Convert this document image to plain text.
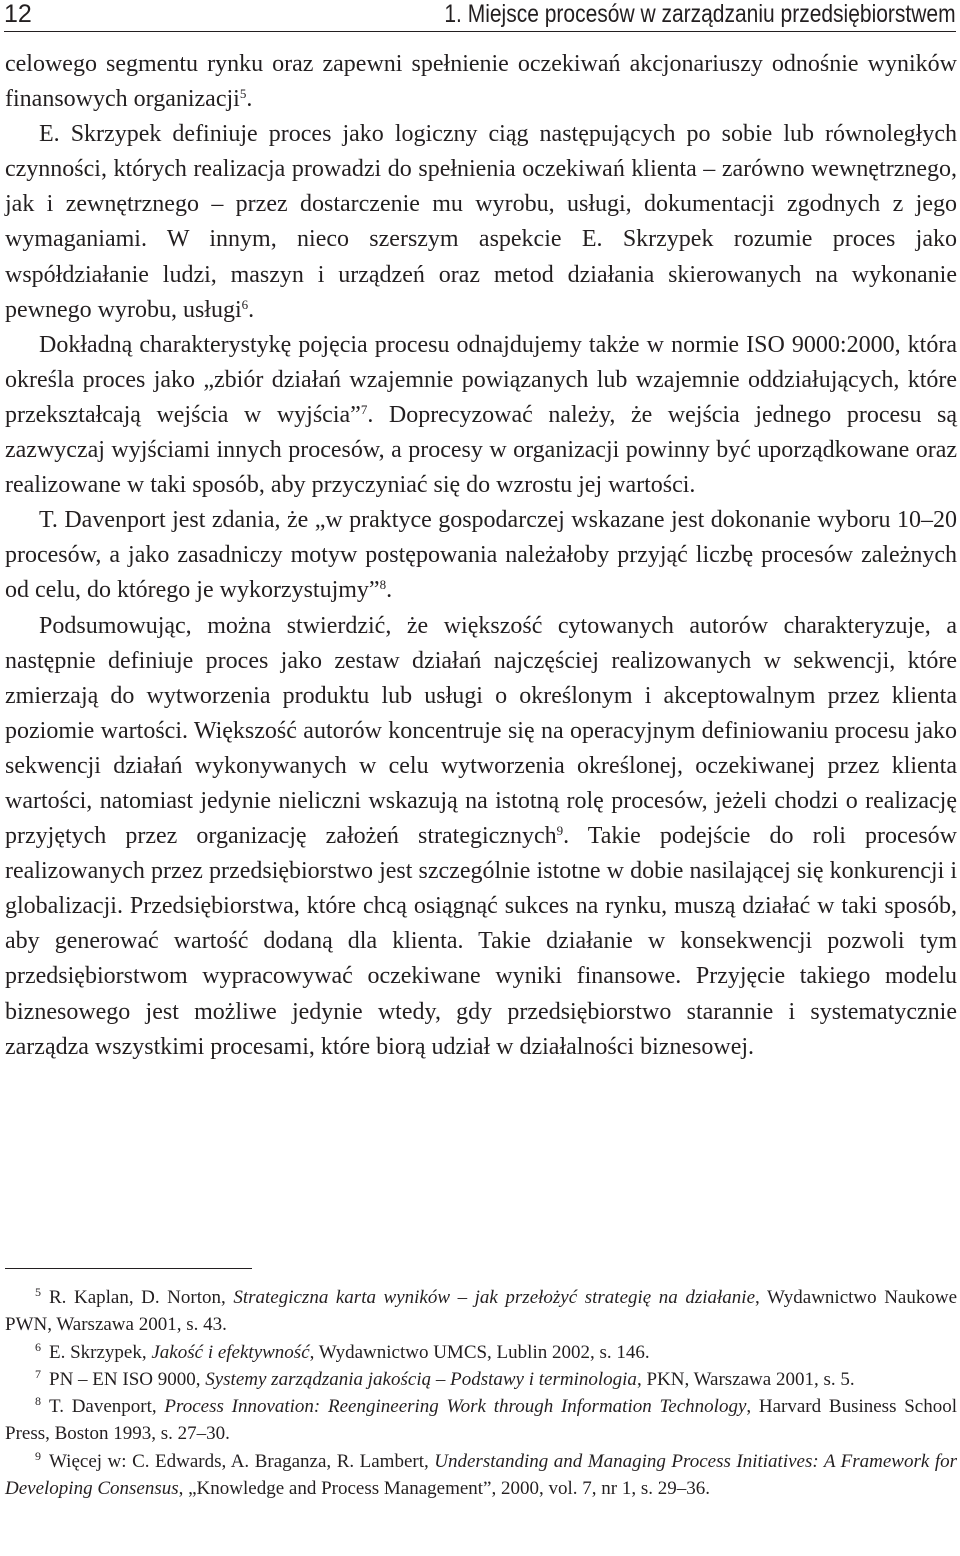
12	1. Miejsce procesów w zarządzaniu przedsiębiorstwem

celowego segmentu rynku oraz zapewni spełnienie oczekiwań akcjonariuszy odnośnie wyników finansowych organizacji$^5$.

E. Skrzypek definiuje proces jako logiczny ciąg następujących po sobie lub równoległych czynności, których realizacja prowadzi do spełnienia oczekiwań klienta – zarówno wewnętrznego, jak i zewnętrznego – przez dostarczenie mu wyrobu, usługi, dokumentacji zgodnych z jego wymaganiami. W innym, nieco szerszym aspekcie E. Skrzypek rozumie proces jako współdziałanie ludzi, maszyn i urządzeń oraz metod działania skierowanych na wykonanie pewnego wyrobu, usługi$^6$.

Dokładną charakterystykę pojęcia procesu odnajdujemy także w normie ISO 9000:2000, która określa proces jako „zbiór działań wzajemnie powiązanych lub wzajemnie oddziałujących, które przekształcają wejścia w wyjścia”$^7$. Doprecyzować należy, że wejścia jednego procesu są zazwyczaj wyjściami innych procesów, a procesy w organizacji powinny być uporządkowane oraz realizowane w taki sposób, aby przyczyniać się do wzrostu jej wartości.

T. Davenport jest zdania, że „w praktyce gospodarczej wskazane jest dokonanie wyboru 10–20 procesów, a jako zasadniczy motyw postępowania należałoby przyjąć liczbę procesów zależnych od celu, do którego je wykorzystujmy”$^8$.

Podsumowując, można stwierdzić, że większość cytowanych autorów charakteryzuje, a następnie definiuje proces jako zestaw działań najczęściej realizowanych w sekwencji, które zmierzają do wytworzenia produktu lub usługi o określonym i akceptowalnym przez klienta poziomie wartości. Większość autorów koncentruje się na operacyjnym definiowaniu procesu jako sekwencji działań wykonywanych w celu wytworzenia określonej, oczekiwanej przez klienta wartości, natomiast jedynie nieliczni wskazują na istotną rolę procesów, jeżeli chodzi o realizację przyjętych przez organizację założeń strategicznych$^9$. Takie podejście do roli procesów realizowanych przez przedsiębiorstwo jest szczególnie istotne w dobie nasilającej się konkurencji i globalizacji. Przedsiębiorstwa, które chcą osiągnąć sukces na rynku, muszą działać w taki sposób, aby generować wartość dodaną dla klienta. Takie działanie w konsekwencji pozwoli tym przedsiębiorstwom wypracowywać oczekiwane wyniki finansowe. Przyjęcie takiego modelu biznesowego jest możliwe jedynie wtedy, gdy przedsiębiorstwo starannie i systematycznie zarządza wszystkimi procesami, które biorą udział w działalności biznesowej.

$^5$ R. Kaplan, D. Norton, Strategiczna karta wyników – jak przełożyć strategię na działanie, Wydawnictwo Naukowe PWN, Warszawa 2001, s. 43.

$^6$ E. Skrzypek, Jakość i efektywność, Wydawnictwo UMCS, Lublin 2002, s. 146.

$^7$ PN – EN ISO 9000, Systemy zarządzania jakością – Podstawy i terminologia, PKN, Warszawa 2001, s. 5.

$^8$ T. Davenport, Process Innovation: Reengineering Work through Information Technology, Harvard Business School Press, Boston 1993, s. 27–30.

$^9$ Więcej w: C. Edwards, A. Braganza, R. Lambert, Understanding and Managing Process Initiatives: A Framework for Developing Consensus, „Knowledge and Process Management”, 2000, vol. 7, nr 1, s. 29–36.
